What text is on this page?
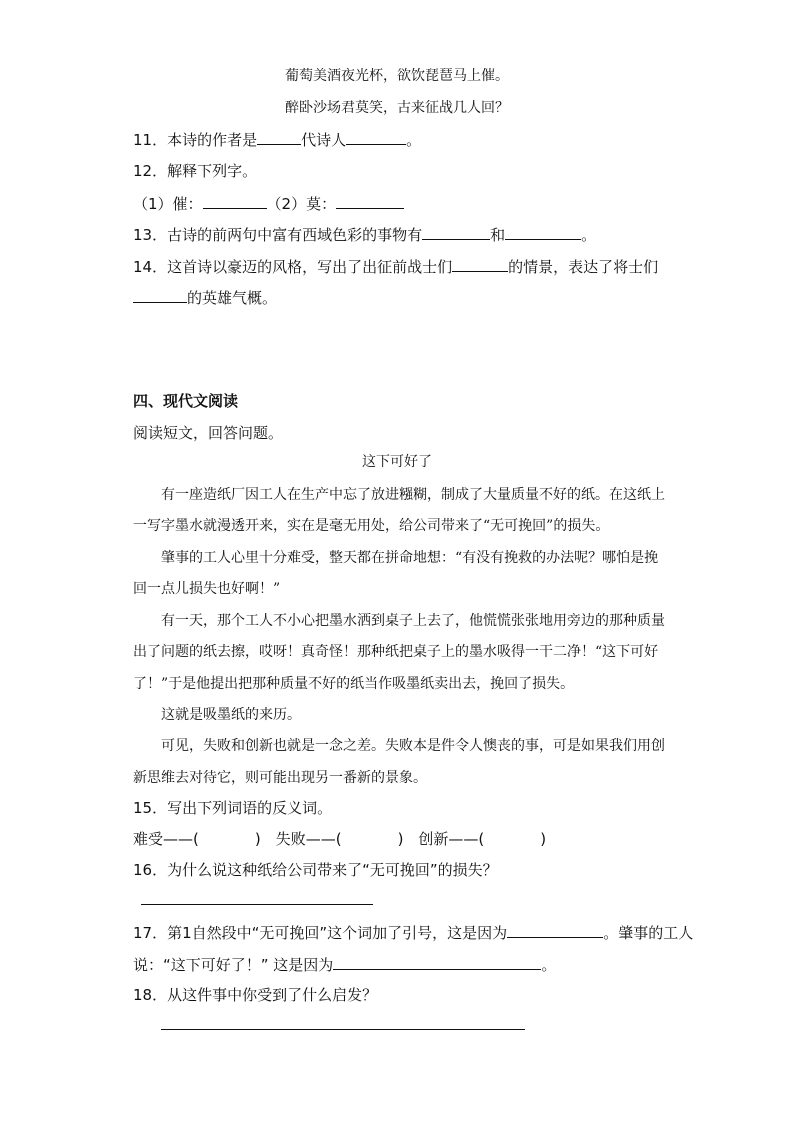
葡萄美酒夜光杯，欲饮琵琶马上催。
醉卧沙场君莫笑，古来征战几人回？
11．本诗的作者是	代诗人	。
12．解释下列字。
（1）催：	（2）莫：
13．古诗的前两句中富有西域色彩的事物有	和	。
14．这首诗以豪迈的风格，写出了出征前战士们	的情景，表达了将士们
的英雄气概。
四、现代文阅读
阅读短文，回答问题。
这下可好了
有一座造纸厂因工人在生产中忘了放进糨糊，制成了大量质量不好的纸。在这纸上
一写字墨水就漫透开来，实在是毫无用处，给公司带来了“无可挽回”的损失。
肇事的工人心里十分难受，整天都在拼命地想：“有没有挽救的办法呢？哪怕是挽
回一点儿损失也好啊！”
有一天，那个工人不小心把墨水洒到桌子上去了，他慌慌张张地用旁边的那种质量
出了问题的纸去擦，哎呀！真奇怪！那种纸把桌子上的墨水吸得一干二净！“这下可好
了！”于是他提出把那种质量不好的纸当作吸墨纸卖出去，挽回了损失。
这就是吸墨纸的来历。
可见，失败和创新也就是一念之差。失败本是件令人懊丧的事，可是如果我们用创
新思维去对待它，则可能出现另一番新的景象。
15．写出下列词语的反义词。
难受——(	)　失败——(	)　创新——(	)
16．为什么说这种纸给公司带来了“无可挽回”的损失？
17．第1自然段中“无可挽回”这个词加了引号，这是因为	。肇事的工人
说：“这下可好了！” 这是因为	。
18．从这件事中你受到了什么启发？
